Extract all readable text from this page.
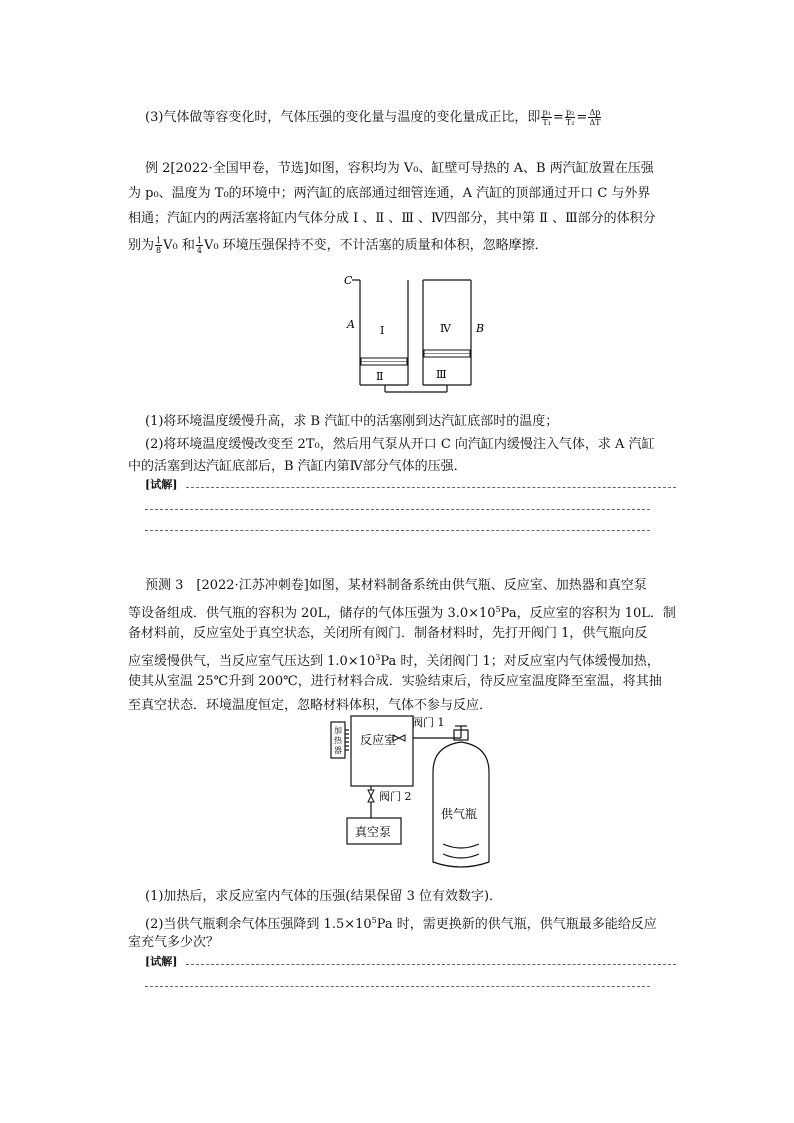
(3)气体做等容变化时，气体压强的变化量与温度的变化量成正比，即 $\frac{\text{p₁}}{\text{T₁}} = \frac{\text{p₂}}{\text{T₂}} = \frac{\Delta p}{\Delta T}$
例 2[2022·全国甲卷，节选]如图，容积均为 V₀、缸壁可导热的 A、B 两汽缸放置在压强
为 p₀、温度为 T₀的环境中；两汽缸的底部通过细管连通，A 汽缸的顶部通过开口 C 与外界
相通；汽缸内的两活塞将缸内气体分成 Ⅰ 、Ⅱ 、Ⅲ 、Ⅳ四部分，其中第 Ⅱ 、Ⅲ部分的体积分
别为 $\frac{1}{8} V_0$ 和 $\frac{1}{4} V_0$ 环境压强保持不变，不计活塞的质量和体积，忽略摩擦．
C
A	B
Ⅰ
Ⅱ	Ⅲ
Ⅳ
(1)将环境温度缓慢升高，求 B 汽缸中的活塞刚到达汽缸底部时的温度；
(2)将环境温度缓慢改变至 2T₀，然后用气泵从开口 C 向汽缸内缓慢注入气体，求 A 汽缸
中的活塞到达汽缸底部后，B 汽缸内第Ⅳ部分气体的压强．
[试解]
预测 3　[2022·江苏冲刺卷]如图，某材料制备系统由供气瓶、反应室、加热器和真空泵
等设备组成．供气瓶的容积为 20L，储存的气体压强为 $3.0\times 10^5Pa$，反应室的容积为 10L．制
备材料前，反应室处于真空状态，关闭所有阀门．制备材料时，先打开阀门 1，供气瓶向反
应室缓慢供气，当反应室气压达到 $1.0\times 10^3Pa$ 时，关闭阀门 1；对反应室内气体缓慢加热，
使其从室温 25℃升到 200℃，进行材料合成．实验结束后，待反应室温度降至室温，将其抽
至真空状态．环境温度恒定，忽略材料体积，气体不参与反应．
加
热
器
反应室
阀门 1
阀门 2
真空泵
供气瓶
(1)加热后，求反应室内气体的压强(结果保留 3 位有效数字)．
(2)当供气瓶剩余气体压强降到 $1.5\times 10^5Pa$ 时，需更换新的供气瓶，供气瓶最多能给反应
室充气多少次？
[试解]
